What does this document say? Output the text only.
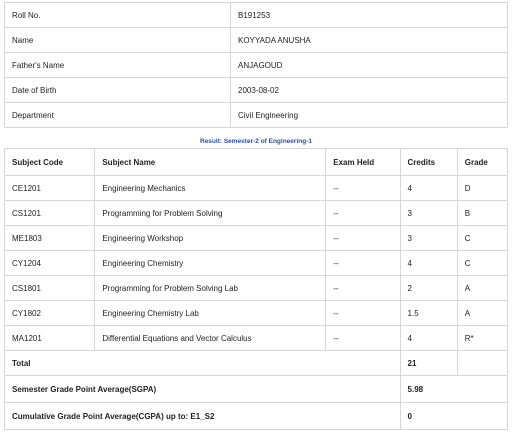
Roll No.	B191253
Name	KOYYADA ANUSHA
Father's Name	ANJAGOUD
Date of Birth	2003-08-02
Department	Civil Engineering
Result: Semester-2 of Engineering-1
Subject Code	Subject Name	Exam Held	Credits	Grade
CE1201	Engineering Mechanics	--	4	D
CS1201	Programming for Problem Solving	--	3	B
ME1803	Engineering Workshop	--	3	C
CY1204	Engineering Chemistry	--	4	C
CS1801	Programming for Problem Solving Lab	--	2	A
CY1802	Engineering Chemistry Lab	--	1.5	A
MA1201	Differential Equations and Vector Calculus	--	4	R*
Total			21	
Semester Grade Point Average(SGPA)			5.98	
Cumulative Grade Point Average(CGPA) up to: E1_S2			0	
